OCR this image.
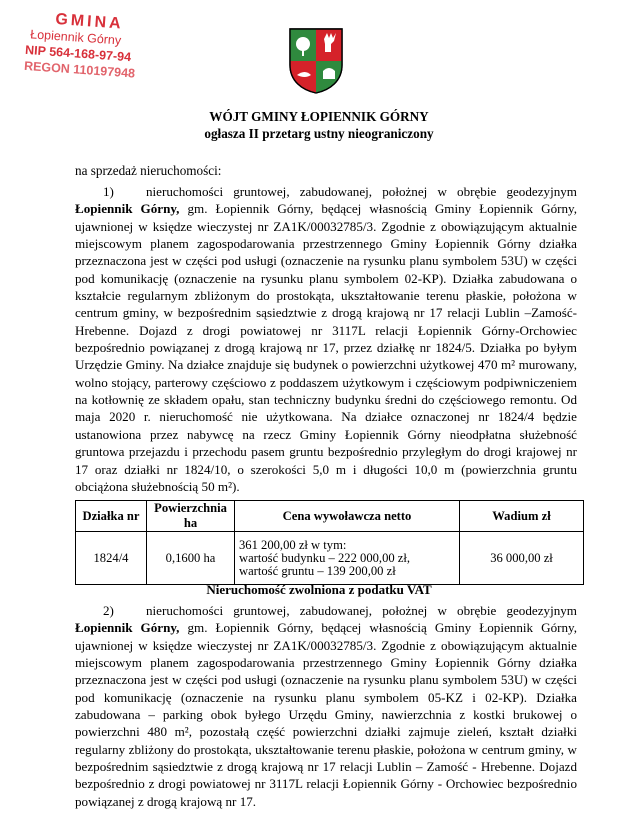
GMINA
Łopiennik Górny
NIP 564-168-97-94
REGON 110197948
WÓJT GMINY ŁOPIENNIK GÓRNY
ogłasza II przetarg ustny nieograniczony
na sprzedaż nieruchomości:
1) nieruchomości gruntowej, zabudowanej, położnej w obrębie geodezyjnym Łopiennik Górny, gm. Łopiennik Górny, będącej własnością Gminy Łopiennik Górny, ujawnionej w księdze wieczystej nr ZA1K/00032785/3. Zgodnie z obowiązującym aktualnie miejscowym planem zagospodarowania przestrzennego Gminy Łopiennik Górny działka przeznaczona jest w części pod usługi (oznaczenie na rysunku planu symbolem 53U) w części pod komunikację (oznaczenie na rysunku planu symbolem 02-KP). Działka zabudowana o kształcie regularnym zbliżonym do prostokąta, ukształtowanie terenu płaskie, położona w centrum gminy, w bezpośrednim sąsiedztwie z drogą krajową nr 17 relacji Lublin –Zamość- Hrebenne. Dojazd z drogi powiatowej nr 3117L relacji Łopiennik Górny-Orchowiec bezpośrednio powiązanej z drogą krajową nr 17, przez działkę nr 1824/5. Działka po byłym Urzędzie Gminy. Na działce znajduje się budynek o powierzchni użytkowej 470 m² murowany, wolno stojący, parterowy częściowo z poddaszem użytkowym i częściowym podpiwniczeniem na kotłownię ze składem opału, stan techniczny budynku średni do częściowego remontu. Od maja 2020 r. nieruchomość nie użytkowana. Na działce oznaczonej nr 1824/4 będzie ustanowiona przez nabywcę na rzecz Gminy Łopiennik Górny nieodpłatna służebność gruntowa przejazdu i przechodu pasem gruntu bezpośrednio przyległym do drogi krajowej nr 17 oraz działki nr 1824/10, o szerokości 5,0 m i długości 10,0 m (powierzchnia gruntu obciążona służebnością 50 m²).
Działka nr	Powierzchnia ha	Cena wywoławcza netto	Wadium zł
1824/4	0,1600 ha	361 200,00 zł w tym:
wartość budynku – 222 000,00 zł,
wartość gruntu – 139 200,00 zł	36 000,00 zł
Nieruchomość zwolniona z podatku VAT
2) nieruchomości gruntowej, zabudowanej, położnej w obrębie geodezyjnym Łopiennik Górny, gm. Łopiennik Górny, będącej własnością Gminy Łopiennik Górny, ujawnionej w księdze wieczystej nr ZA1K/00032785/3. Zgodnie z obowiązującym aktualnie miejscowym planem zagospodarowania przestrzennego Gminy Łopiennik Górny działka przeznaczona jest w części pod usługi (oznaczenie na rysunku planu symbolem 53U) w części pod komunikację (oznaczenie na rysunku planu symbolem 05-KZ i 02-KP). Działka zabudowana – parking obok byłego Urzędu Gminy, nawierzchnia z kostki brukowej o powierzchni 480 m², pozostałą część powierzchni działki zajmuje zieleń, kształt działki regularny zbliżony do prostokąta, ukształtowanie terenu płaskie, położona w centrum gminy, w bezpośrednim sąsiedztwie z drogą krajową nr 17 relacji Lublin – Zamość - Hrebenne. Dojazd bezpośrednio z drogi powiatowej nr 3117L relacji Łopiennik Górny - Orchowiec bezpośrednio powiązanej z drogą krajową nr 17.
